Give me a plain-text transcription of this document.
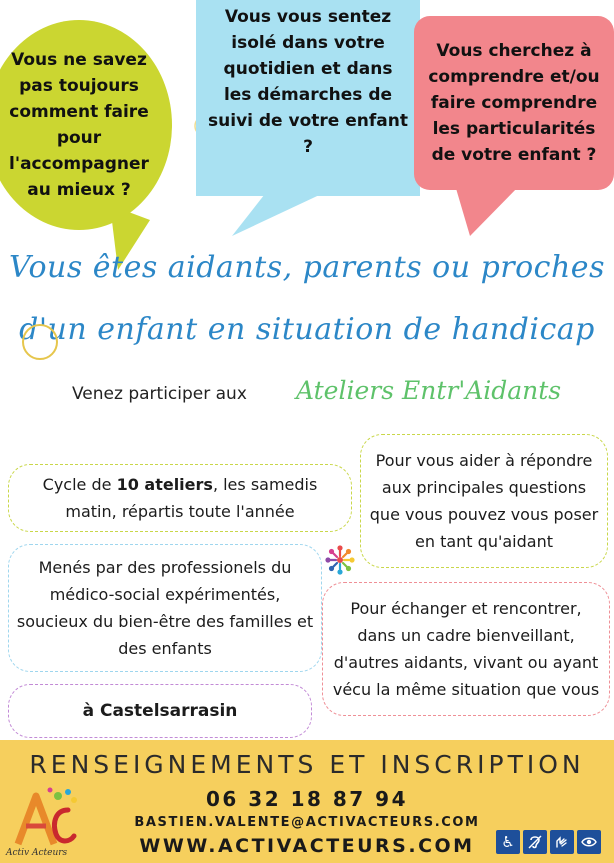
Vous ne savez pas toujours comment faire pour l'accompagner au mieux ?
Vous vous sentez isolé dans votre quotidien et dans les démarches de suivi de votre enfant ?
Vous cherchez à comprendre et/ou faire comprendre les particularités de votre enfant ?
Vous êtes aidants, parents ou proches
d'un enfant en situation de handicap
Venez participer aux Ateliers Entr'Aidants
Cycle de 10 ateliers, les samedis matin, répartis toute l'année
Pour vous aider à répondre aux principales questions que vous pouvez vous poser en tant qu'aidant
Menés par des professionels du médico-social expérimentés, soucieux du bien-être des familles et des enfants
Pour échanger et rencontrer, dans un cadre bienveillant, d'autres aidants, vivant ou ayant vécu la même situation que vous
à Castelsarrasin
RENSEIGNEMENTS ET INSCRIPTION
06 32 18 87 94
BASTIEN.VALENTE@ACTIVACTEURS.COM
WWW.ACTIVACTEURS.COM
Activ Acteurs
♿
